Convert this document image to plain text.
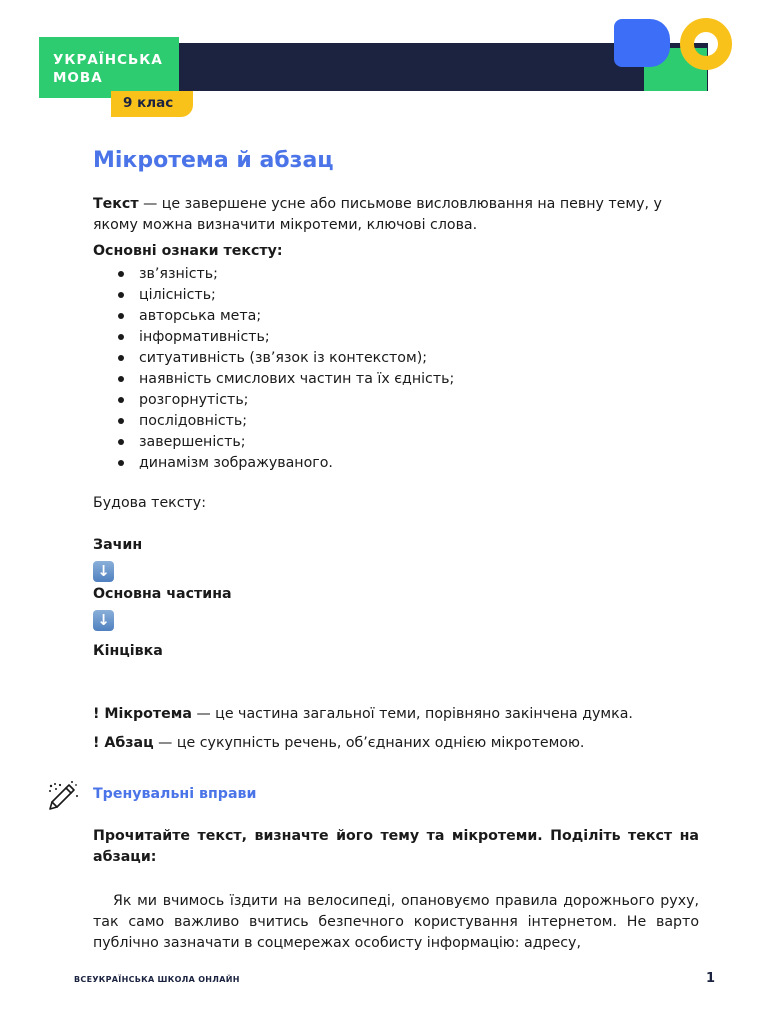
УКРАЇНСЬКА
МОВА
9 клас
Мікротема й абзац
Текст — це завершене усне або письмове висловлювання на певну тему, у якому можна визначити мікротеми, ключові слова.
Основні ознаки тексту:
зв’язність;
цілісність;
авторська мета;
інформативність;
ситуативність (зв’язок із контекстом);
наявність смислових частин та їх єдність;
розгорнутість;
послідовність;
завершеність;
динамізм зображуваного.
Будова тексту:
Зачин
↓
Основна частина
↓
Кінцівка
! Мікротема — це частина загальної теми, порівняно закінчена думка.
! Абзац — це сукупність речень, об’єднаних однією мікротемою.
Тренувальні вправи
Прочитайте текст, визначте його тему та мікротеми. Поділіть текст на абзаци:
Як ми вчимось їздити на велосипеді, опановуємо правила дорожнього руху, так само важливо вчитись безпечного користування інтернетом. Не варто публічно зазначати в соцмережах особисту інформацію: адресу,
ВСЕУКРАЇНСЬКА ШКОЛА ОНЛАЙН	1
